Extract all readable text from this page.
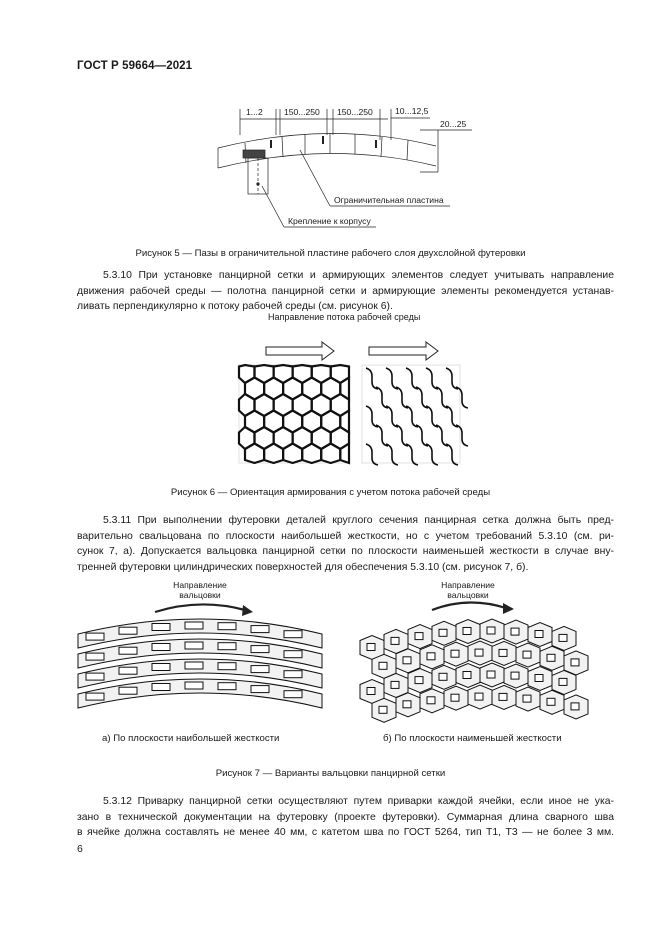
ГОСТ Р 59664—2021
1...2 150...250 150...250	10...12,5
20...25
Ограничительная пластина
Крепление к корпусу
Рисунок 5 — Пазы в ограничительной пластине рабочего слоя двухслойной футеровки
5.3.10 При установке панцирной сетки и армирующих элементов следует учитывать направление
движения рабочей среды — полотна панцирной сетки и армирующие элементы рекомендуется устанав-
ливать перпендикулярно к потоку рабочей среды (см. рисунок 6).
Направление потока рабочей среды
Рисунок 6 — Ориентация армирования с учетом потока рабочей среды
5.3.11 При выполнении футеровки деталей круглого сечения панцирная сетка должна быть пред-
варительно свальцована по плоскости наибольшей жесткости, но с учетом требований 5.3.10 (см. ри-
сунок 7, а). Допускается вальцовка панцирной сетки по плоскости наименьшей жесткости в случае вну-
тренней футеровки цилиндрических поверхностей для обеспечения 5.3.10 (см. рисунок 7, б).
Направление
вальцовки
Направление
вальцовки
а) По плоскости наибольшей жесткости	б) По плоскости наименьшей жесткости
Рисунок 7 — Варианты вальцовки панцирной сетки
5.3.12 Приварку панцирной сетки осуществляют путем приварки каждой ячейки, если иное не ука-
зано в технической документации на футеровку (проекте футеровки). Суммарная длина сварного шва
в ячейке должна составлять не менее 40 мм, с катетом шва по ГОСТ 5264, тип Т1, Т3 — не более 3 мм.
6
